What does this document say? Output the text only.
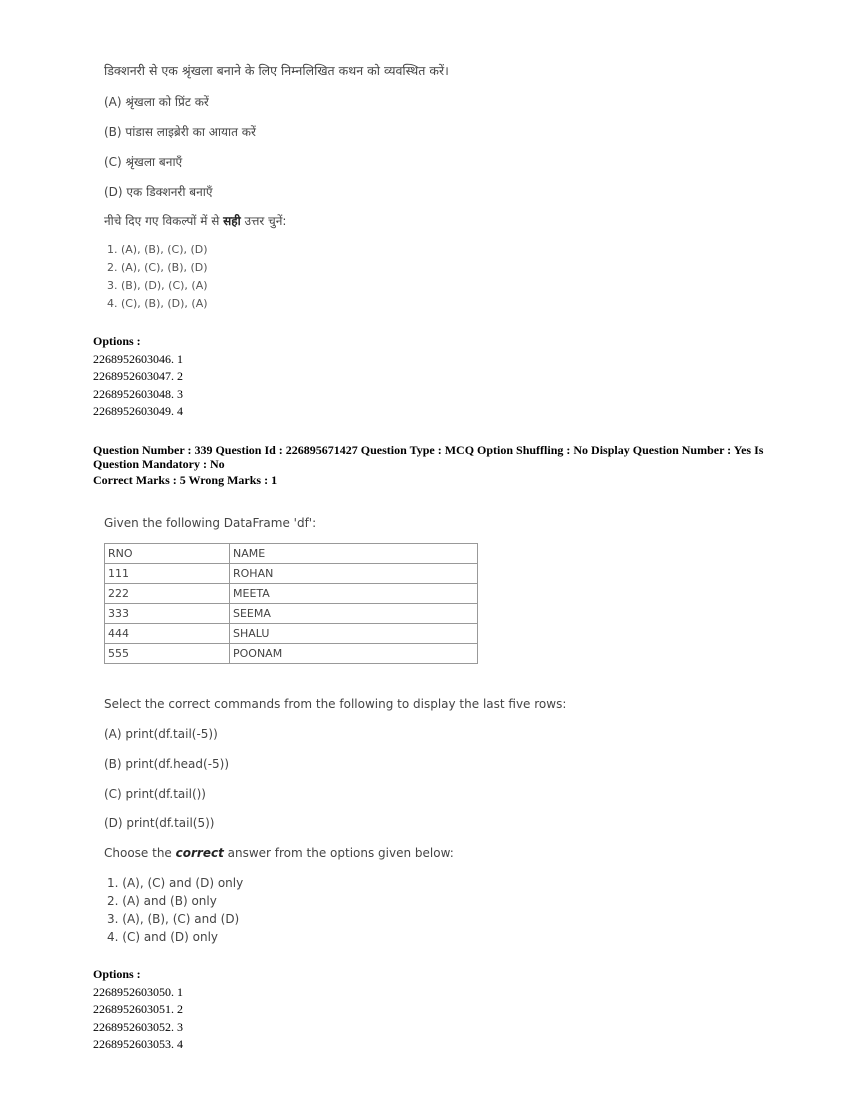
डिक्शनरी से एक श्रृंखला बनाने के लिए निम्नलिखित कथन को व्यवस्थित करें।
(A) श्रृंखला को प्रिंट करें
(B) पांडास लाइब्रेरी का आयात करें
(C) श्रृंखला बनाएँ
(D) एक डिक्शनरी बनाएँ
नीचे दिए गए विकल्पों में से सही उत्तर चुनें:
1. (A), (B), (C), (D)
2. (A), (C), (B), (D)
3. (B), (D), (C), (A)
4. (C), (B), (D), (A)
Options :
2268952603046. 1
2268952603047. 2
2268952603048. 3
2268952603049. 4
Question Number : 339 Question Id : 226895671427 Question Type : MCQ Option Shuffling : No Display Question Number : Yes Is
Question Mandatory : No
Correct Marks : 5 Wrong Marks : 1
Given the following DataFrame 'df':
RNO	NAME
111	ROHAN
222	MEETA
333	SEEMA
444	SHALU
555	POONAM
Select the correct commands from the following to display the last five rows:
(A) print(df.tail(-5))
(B) print(df.head(-5))
(C) print(df.tail())
(D) print(df.tail(5))
Choose the correct answer from the options given below:
1. (A), (C) and (D) only
2. (A) and (B) only
3. (A), (B), (C) and (D)
4. (C) and (D) only
Options :
2268952603050. 1
2268952603051. 2
2268952603052. 3
2268952603053. 4
